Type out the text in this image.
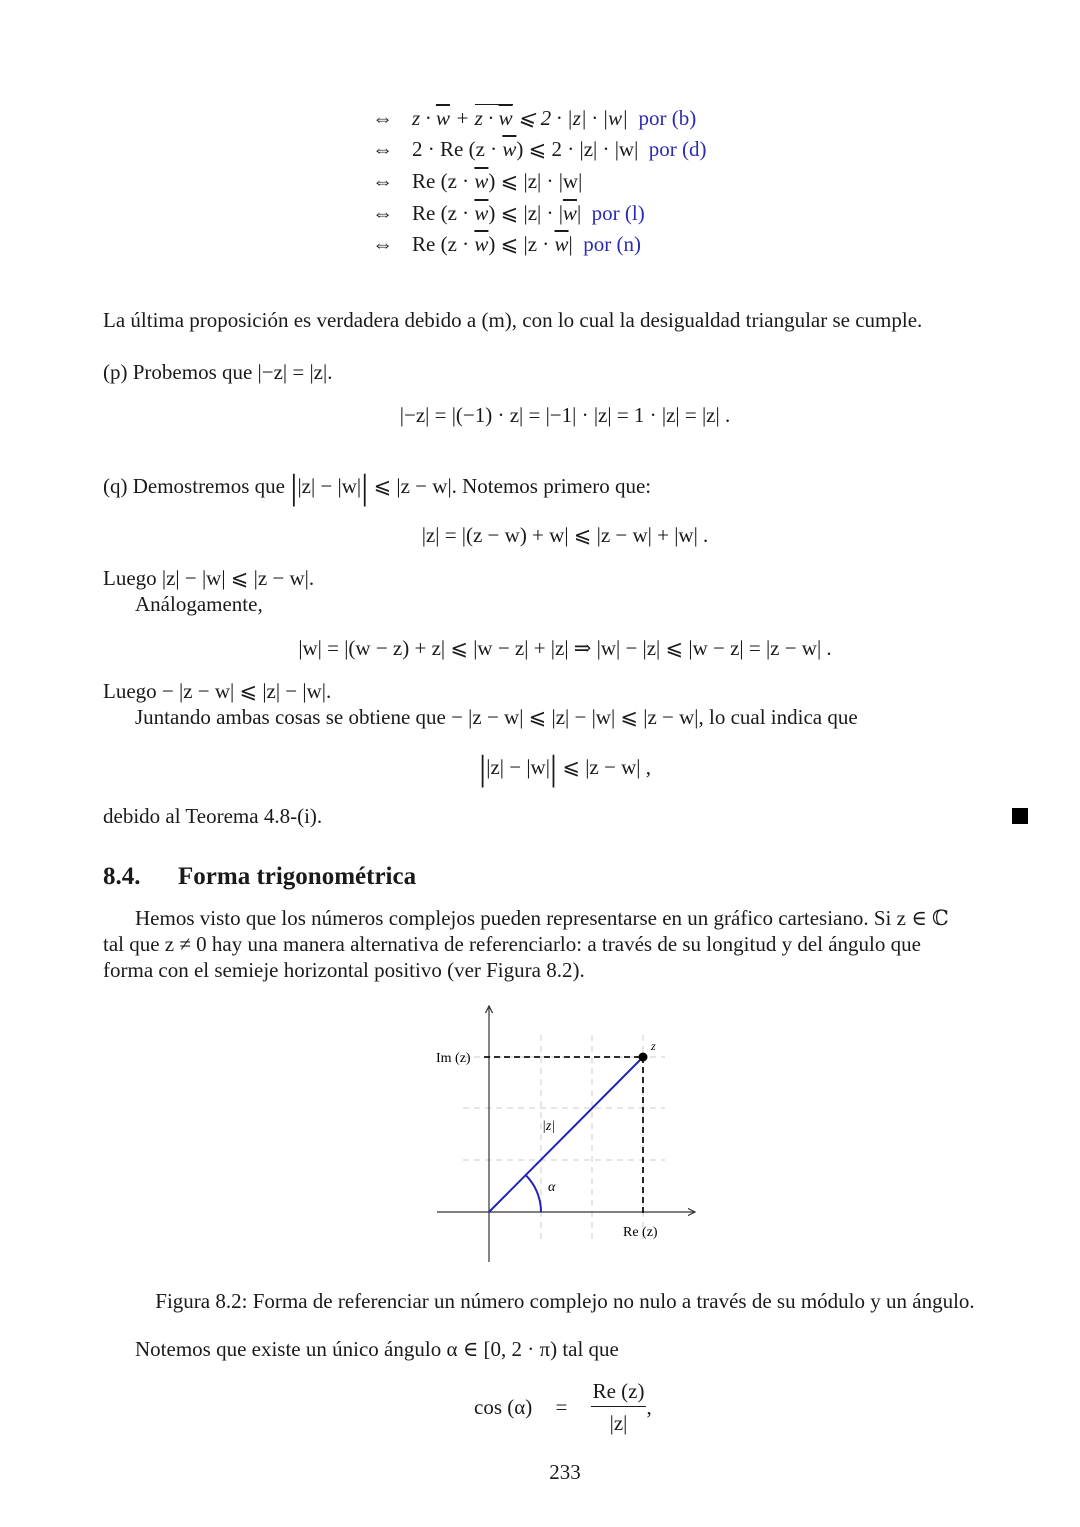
⇔ $z \cdot \overline{w} + z \cdot \overline{w}$ ⩽ 2 · |z| · |w| por (b)
⇔ 2 · Re $(z \cdot \overline{w})$ ⩽ 2 · |z| · |w| por (d)
⇔ Re $(z \cdot \overline{w})$ ⩽ |z| · |w|
⇔ Re $(z \cdot \overline{w})$ ⩽ $|z| \cdot |\overline{w}|$ por (l)
⇔ Re $(z \cdot \overline{w})$ ⩽ $|z \cdot \overline{w}|$ por (n)
La última proposición es verdadera debido a (m), con lo cual la desigualdad triangular se cumple.
(p) Probemos que |−z| = |z|.
|−z| = |(−1) · z| = |−1| · |z| = 1 · |z| = |z| .
(q) Demostremos que ||z| − |w|| ⩽ |z − w|. Notemos primero que:
|z| = |(z − w) + w| ⩽ |z − w| + |w| .
Luego |z| − |w| ⩽ |z − w|.
Análogamente,
|w| = |(w − z) + z| ⩽ |w − z| + |z| ⇒ |w| − |z| ⩽ |w − z| = |z − w| .
Luego − |z − w| ⩽ |z| − |w|.
Juntando ambas cosas se obtiene que − |z − w| ⩽ |z| − |w| ⩽ |z − w|, lo cual indica que
||z| − |w|| ⩽ |z − w| ,
debido al Teorema 4.8-(i).
8.4. Forma trigonométrica
Hemos visto que los números complejos pueden representarse en un gráfico cartesiano. Si z ∈ ℂ
tal que z ≠ 0 hay una manera alternativa de referenciarlo: a través de su longitud y del ángulo que
forma con el semieje horizontal positivo (ver Figura 8.2).
Im (z)
Re (z)
|z|
α
z
Figura 8.2: Forma de referenciar un número complejo no nulo a través de su módulo y un ángulo.
Notemos que existe un único ángulo α ∈ [0, 2 · π) tal que
$\cos (\alpha) = \frac{Re (z)}{|z|}$ ,
233
